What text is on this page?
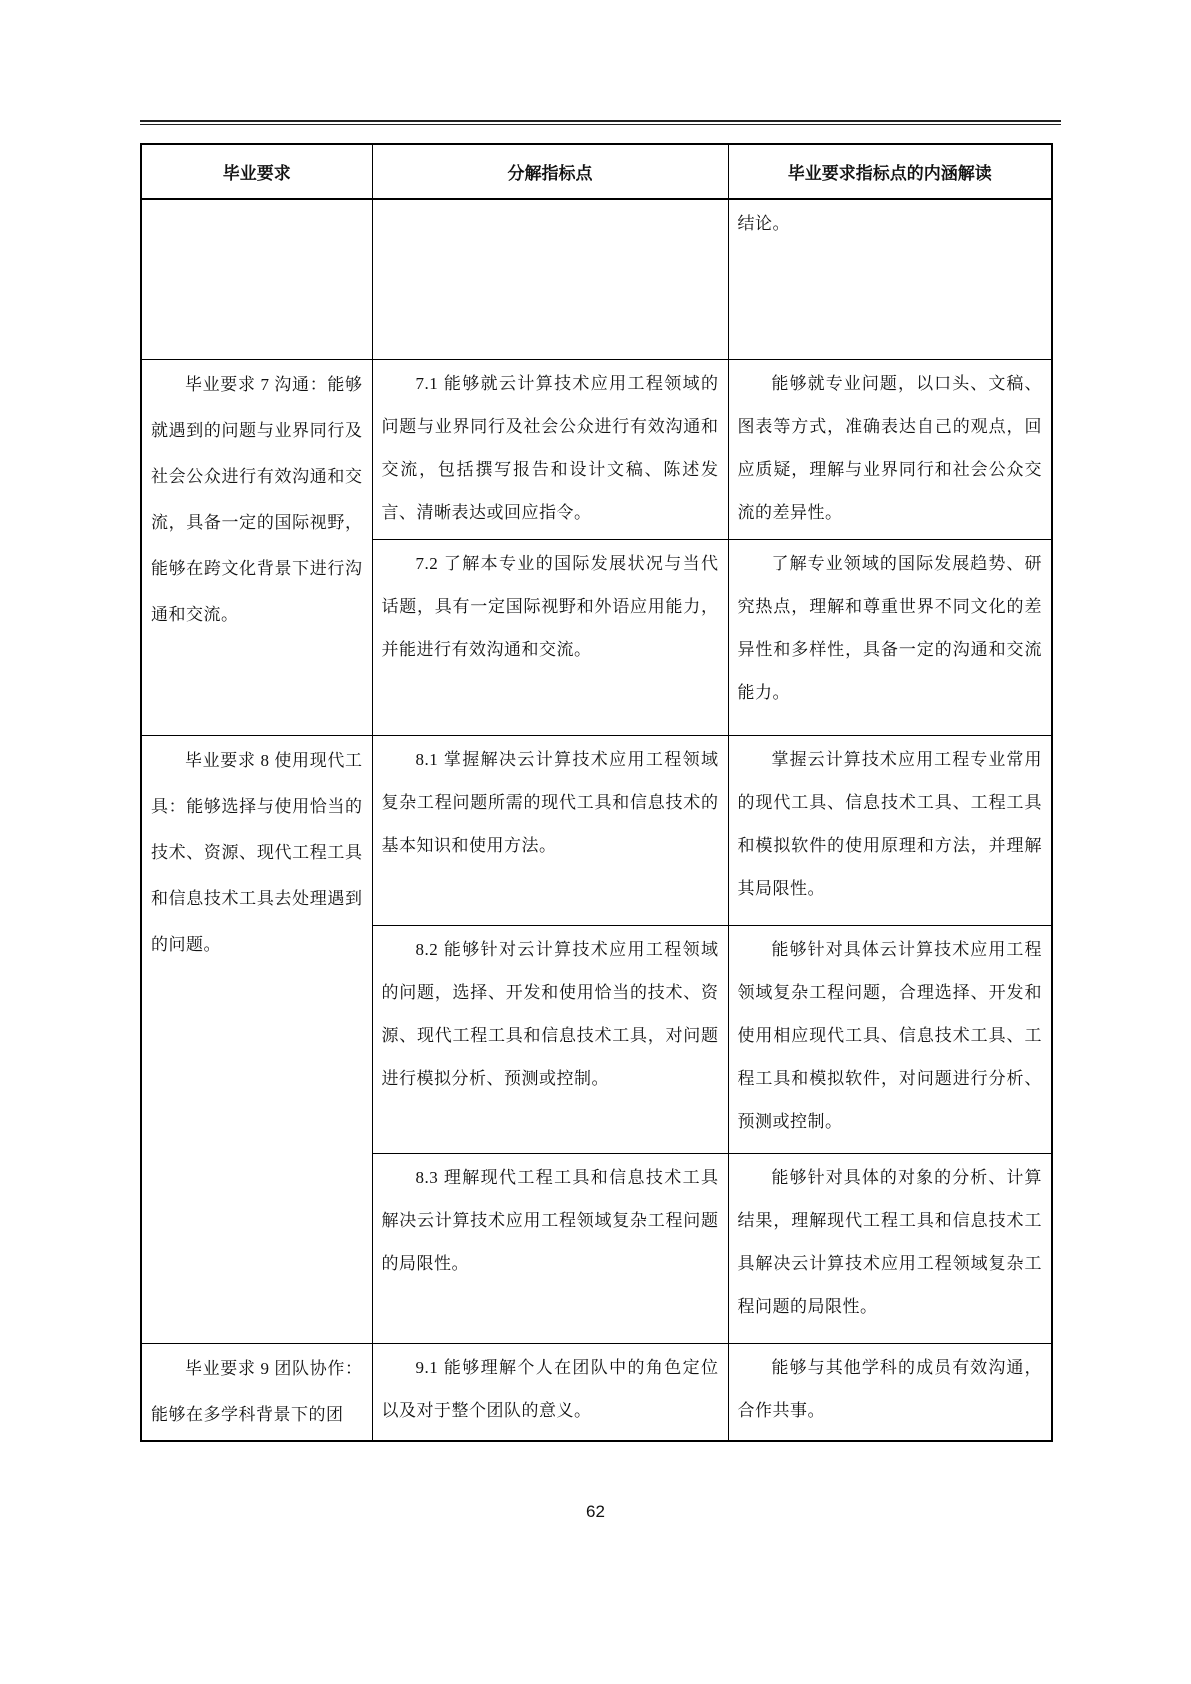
毕业要求	分解指标点	毕业要求指标点的内涵解读

		结论。

毕业要求 7 沟通：能够就遇到的问题与业界同行及社会公众进行有效沟通和交流，具备一定的国际视野，能够在跨文化背景下进行沟通和交流。	7.1 能够就云计算技术应用工程领域的问题与业界同行及社会公众进行有效沟通和交流，包括撰写报告和设计文稿、陈述发言、清晰表达或回应指令。	能够就专业问题，以口头、文稿、图表等方式，准确表达自己的观点，回应质疑，理解与业界同行和社会公众交流的差异性。

	7.2 了解本专业的国际发展状况与当代话题，具有一定国际视野和外语应用能力，并能进行有效沟通和交流。	了解专业领域的国际发展趋势、研究热点，理解和尊重世界不同文化的差异性和多样性，具备一定的沟通和交流能力。

毕业要求 8 使用现代工具：能够选择与使用恰当的技术、资源、现代工程工具和信息技术工具去处理遇到的问题。	8.1 掌握解决云计算技术应用工程领域复杂工程问题所需的现代工具和信息技术的基本知识和使用方法。	掌握云计算技术应用工程专业常用的现代工具、信息技术工具、工程工具和模拟软件的使用原理和方法，并理解其局限性。

	8.2 能够针对云计算技术应用工程领域的问题，选择、开发和使用恰当的技术、资源、现代工程工具和信息技术工具，对问题进行模拟分析、预测或控制。	能够针对具体云计算技术应用工程领域复杂工程问题，合理选择、开发和使用相应现代工具、信息技术工具、工程工具和模拟软件，对问题进行分析、预测或控制。

	8.3 理解现代工程工具和信息技术工具解决云计算技术应用工程领域复杂工程问题的局限性。	能够针对具体的对象的分析、计算结果，理解现代工程工具和信息技术工具解决云计算技术应用工程领域复杂工程问题的局限性。

毕业要求 9 团队协作：能够在多学科背景下的团	9.1 能够理解个人在团队中的角色定位以及对于整个团队的意义。	能够与其他学科的成员有效沟通，合作共事。

62
